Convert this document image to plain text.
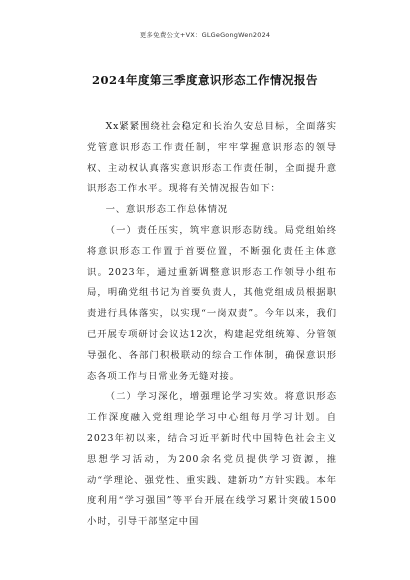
更多免费公文+VX：GLGeGongWen2024
2024年度第三季度意识形态工作情况报告

Xx紧紧围绕社会稳定和长治久安总目标，全面落实党管意识形态工作责任制，牢牢掌握意识形态的领导权、主动权认真落实意识形态工作责任制，全面提升意识形态工作水平。现将有关情况报告如下：

一、意识形态工作总体情况

（一）责任压实，筑牢意识形态防线。局党组始终将意识形态工作置于首要位置，不断强化责任主体意识。2023年，通过重新调整意识形态工作领导小组布局，明确党组书记为首要负责人，其他党组成员根据职责进行具体落实，以实现“一岗双责”。今年以来，我们已开展专项研讨会议达12次，构建起党组统筹、分管领导强化、各部门积极联动的综合工作体制，确保意识形态各项工作与日常业务无缝对接。

（二）学习深化，增强理论学习实效。将意识形态工作深度融入党组理论学习中心组每月学习计划。自2023年初以来，结合习近平新时代中国特色社会主义思想学习活动，为200余名党员提供学习资源，推动“学理论、强党性、重实践、建新功”方针实践。本年度利用“学习强国”等平台开展在线学习累计突破1500小时，引导干部坚定中国
